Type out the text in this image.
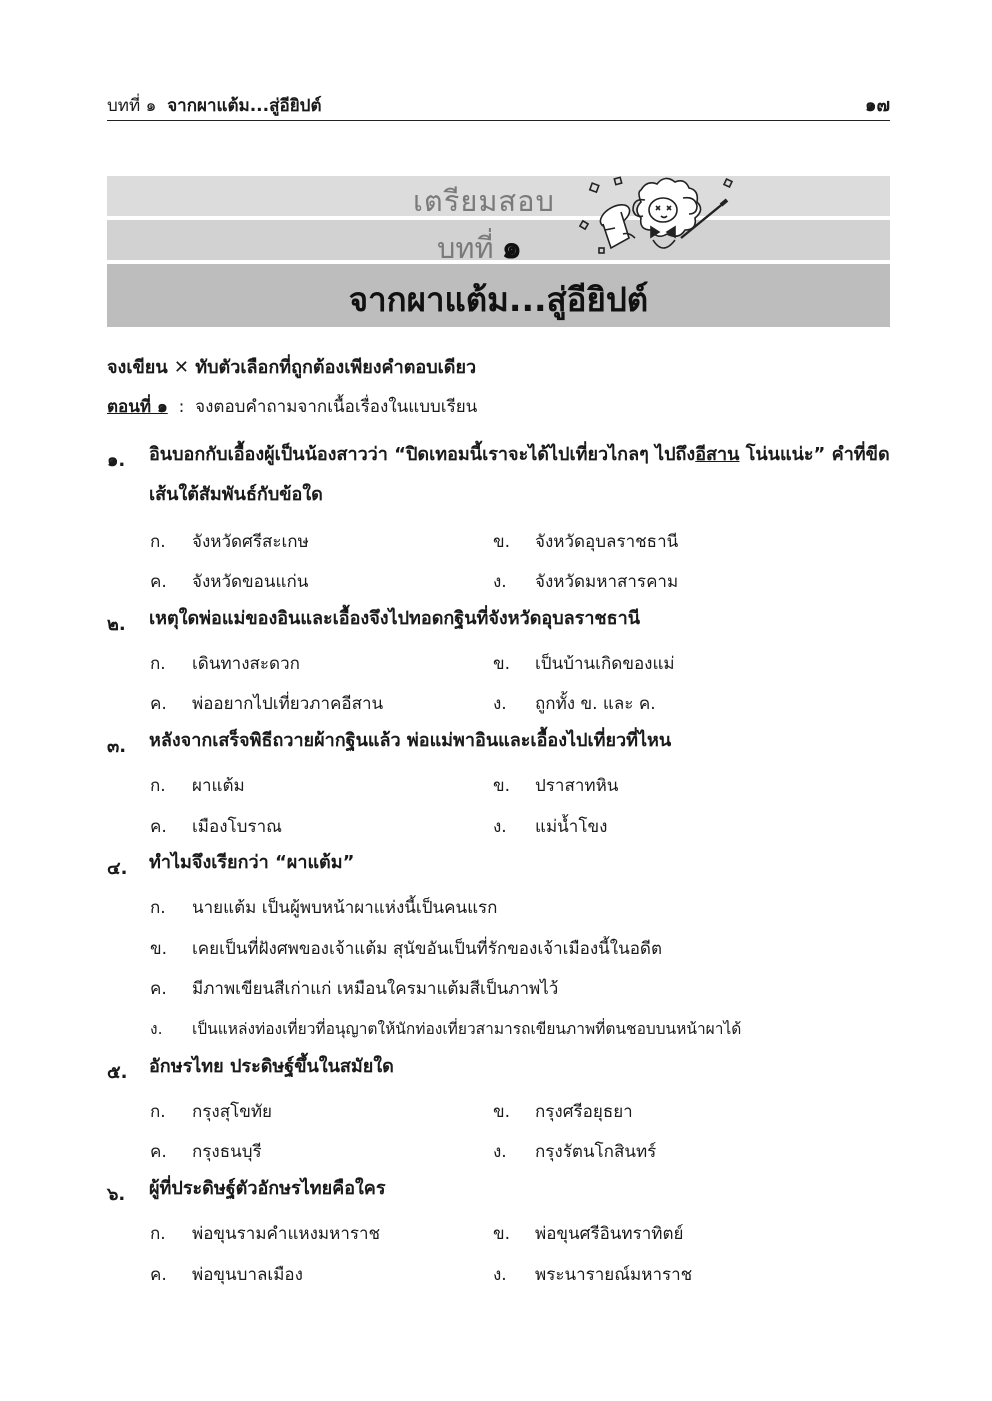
บทที่ ๑ จากผาแต้ม...สู่อียิปต์	๑๗
เตรียมสอบ
บทที่ ๑
จากผาแต้ม...สู่อียิปต์
จงเขียน ✕ ทับตัวเลือกที่ถูกต้องเพียงคำตอบเดียว
ตอนที่ ๑ : จงตอบคำถามจากเนื้อเรื่องในแบบเรียน
๑. อินบอกกับเอื้องผู้เป็นน้องสาวว่า “ปิดเทอมนี้เราจะได้ไปเที่ยวไกลๆ ไปถึงอีสาน โน่นแน่ะ” คำที่ขีดเส้นใต้สัมพันธ์กับข้อใด
ก. จังหวัดศรีสะเกษ	ข. จังหวัดอุบลราชธานี
ค. จังหวัดขอนแก่น	ง. จังหวัดมหาสารคาม
๒. เหตุใดพ่อแม่ของอินและเอื้องจึงไปทอดกฐินที่จังหวัดอุบลราชธานี
ก. เดินทางสะดวก	ข. เป็นบ้านเกิดของแม่
ค. พ่ออยากไปเที่ยวภาคอีสาน	ง. ถูกทั้ง ข. และ ค.
๓. หลังจากเสร็จพิธีถวายผ้ากฐินแล้ว พ่อแม่พาอินและเอื้องไปเที่ยวที่ไหน
ก. ผาแต้ม	ข. ปราสาทหิน
ค. เมืองโบราณ	ง. แม่น้ำโขง
๔. ทำไมจึงเรียกว่า “ผาแต้ม”
ก. นายแต้ม เป็นผู้พบหน้าผาแห่งนี้เป็นคนแรก
ข. เคยเป็นที่ฝังศพของเจ้าแต้ม สุนัขอันเป็นที่รักของเจ้าเมืองนี้ในอดีต
ค. มีภาพเขียนสีเก่าแก่ เหมือนใครมาแต้มสีเป็นภาพไว้
ง. เป็นแหล่งท่องเที่ยวที่อนุญาตให้นักท่องเที่ยวสามารถเขียนภาพที่ตนชอบบนหน้าผาได้
๕. อักษรไทย ประดิษฐ์ขึ้นในสมัยใด
ก. กรุงสุโขทัย	ข. กรุงศรีอยุธยา
ค. กรุงธนบุรี	ง. กรุงรัตนโกสินทร์
๖. ผู้ที่ประดิษฐ์ตัวอักษรไทยคือใคร
ก. พ่อขุนรามคำแหงมหาราช	ข. พ่อขุนศรีอินทราทิตย์
ค. พ่อขุนบาลเมือง	ง. พระนารายณ์มหาราช
